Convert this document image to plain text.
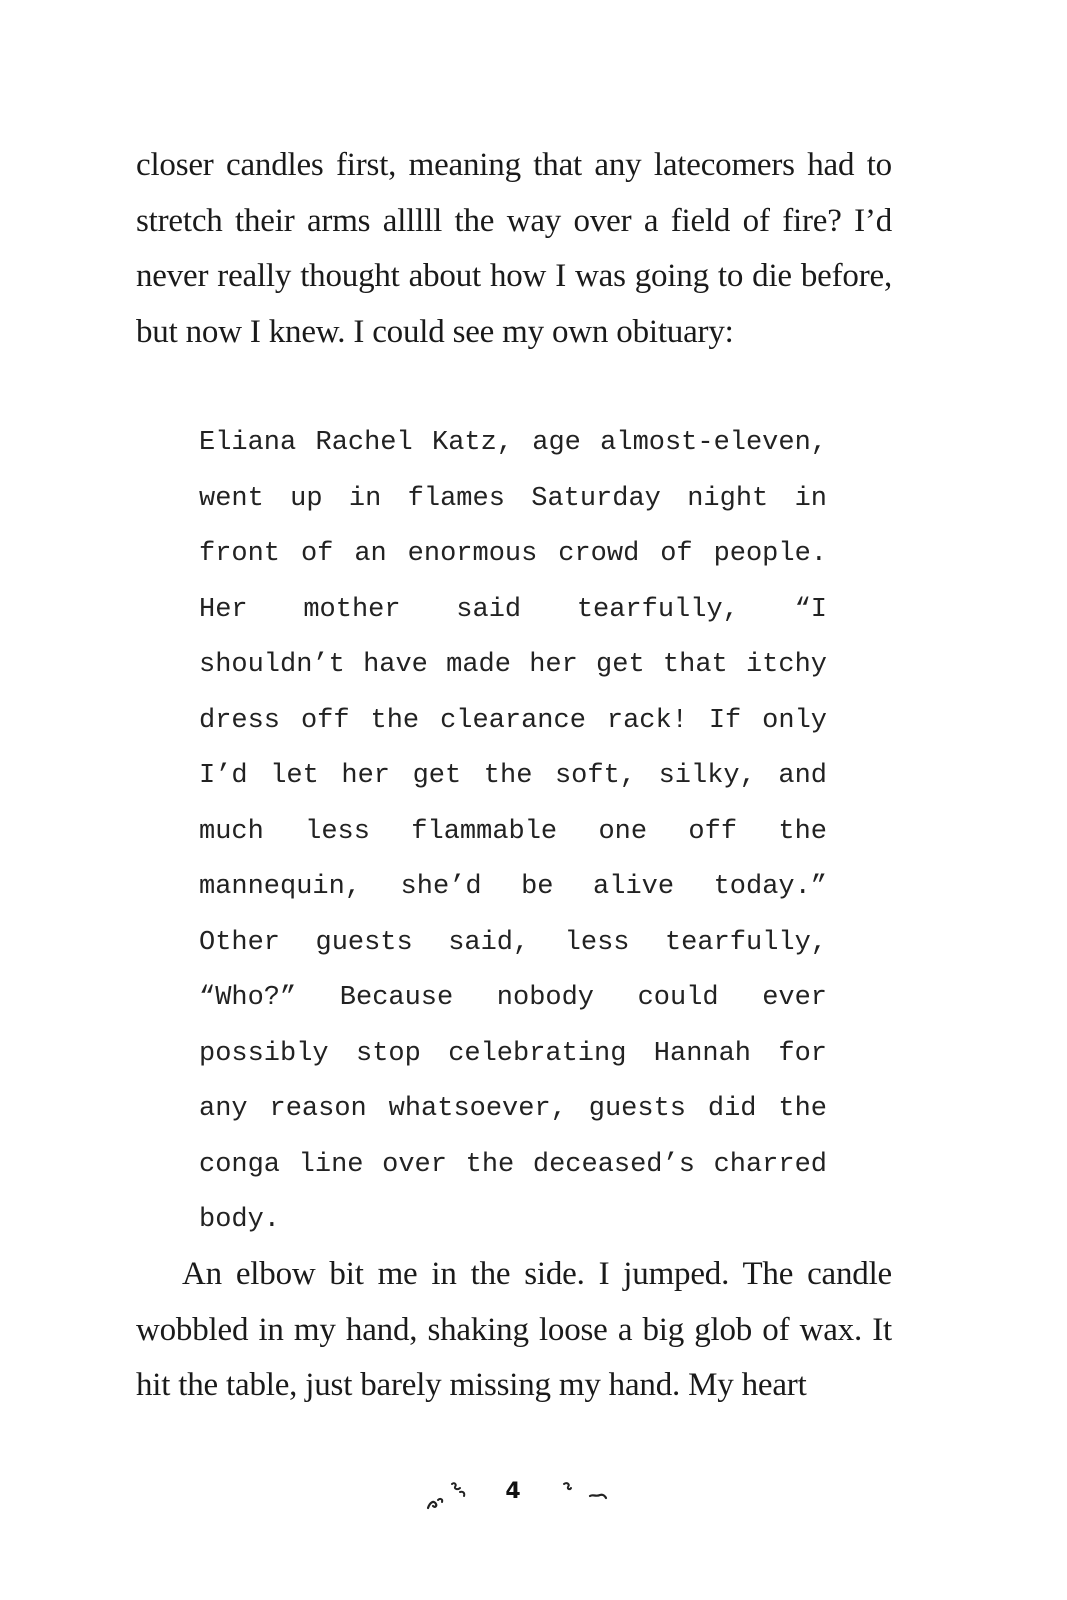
closer candles first, meaning that any latecomers had to stretch their arms alllll the way over a field of fire? I’d never really thought about how I was going to die before, but now I knew. I could see my own obituary:

Eliana Rachel Katz, age almost-eleven, went up in flames Saturday night in front of an enormous crowd of people. Her mother said tearfully, “I shouldn’t have made her get that itchy dress off the clearance rack! If only I’d let her get the soft, silky, and much less flammable one off the mannequin, she’d be alive today.” Other guests said, less tearfully, “Who?” Because nobody could ever possibly stop celebrating Hannah for any reason whatsoever, guests did the conga line over the deceased’s charred body.

An elbow bit me in the side. I jumped. The candle wobbled in my hand, shaking loose a big glob of wax. It hit the table, just barely missing my hand. My heart

4
